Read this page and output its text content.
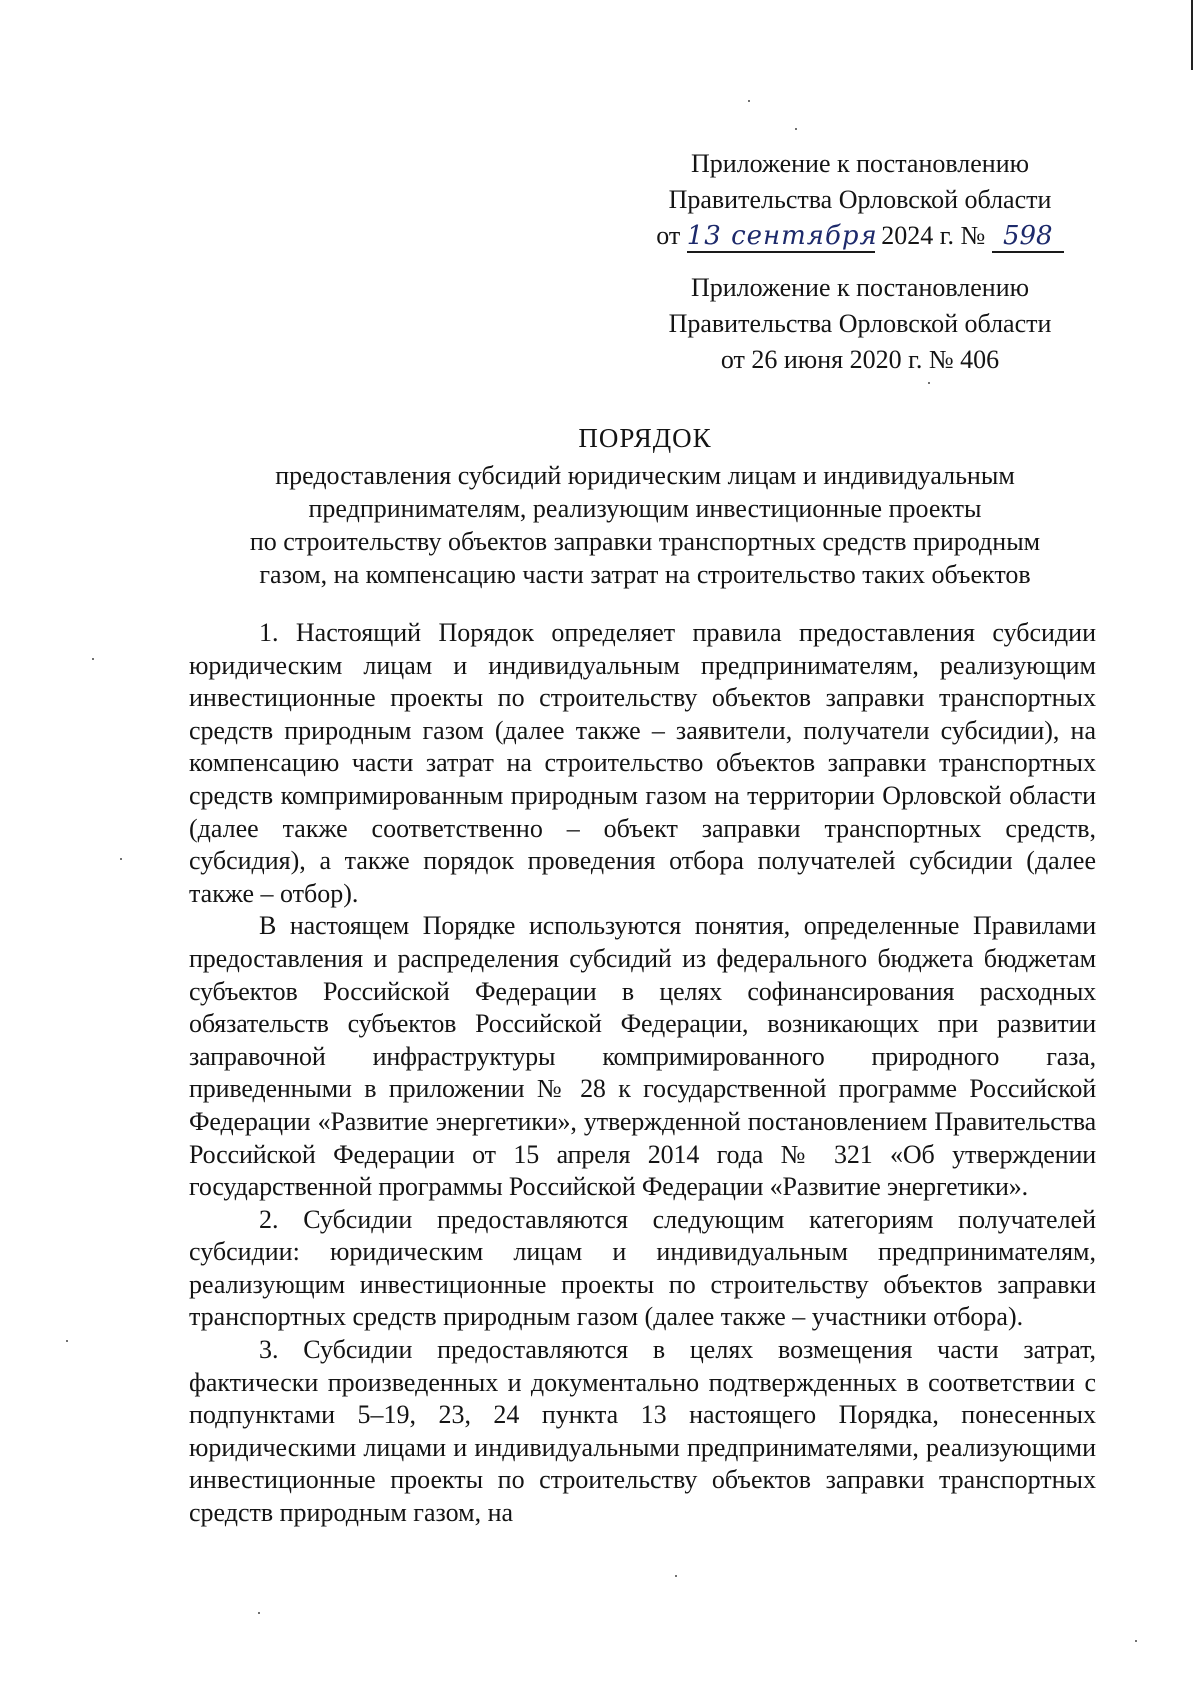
Приложение к постановлению
Правительства Орловской области
от 13 сентября 2024 г. № 598
Приложение к постановлению
Правительства Орловской области
от 26 июня 2020 г. № 406
ПОРЯДОК
предоставления субсидий юридическим лицам и индивидуальным
предпринимателям, реализующим инвестиционные проекты
по строительству объектов заправки транспортных средств природным
газом, на компенсацию части затрат на строительство таких объектов

1. Настоящий Порядок определяет правила предоставления субсидии юридическим лицам и индивидуальным предпринимателям, реализующим инвестиционные проекты по строительству объектов заправки транспортных средств природным газом (далее также – заявители, получатели субсидии), на компенсацию части затрат на строительство объектов заправки транспортных средств компримированным природным газом на территории Орловской области (далее также соответственно – объект заправки транспортных средств, субсидия), а также порядок проведения отбора получателей субсидии (далее также – отбор).

В настоящем Порядке используются понятия, определенные Правилами предоставления и распределения субсидий из федерального бюджета бюджетам субъектов Российской Федерации в целях софинансирования расходных обязательств субъектов Российской Федерации, возникающих при развитии заправочной инфраструктуры компримированного природного газа, приведенными в приложении № 28 к государственной программе Российской Федерации «Развитие энергетики», утвержденной постановлением Правительства Российской Федерации от 15 апреля 2014 года № 321 «Об утверждении государственной программы Российской Федерации «Развитие энергетики».

2. Субсидии предоставляются следующим категориям получателей субсидии: юридическим лицам и индивидуальным предпринимателям, реализующим инвестиционные проекты по строительству объектов заправки транспортных средств природным газом (далее также – участники отбора).

3. Субсидии предоставляются в целях возмещения части затрат, фактически произведенных и документально подтвержденных в соответствии с подпунктами 5–19, 23, 24 пункта 13 настоящего Порядка, понесенных юридическими лицами и индивидуальными предпринимателями, реализующими инвестиционные проекты по строительству объектов заправки транспортных средств природным газом, на
